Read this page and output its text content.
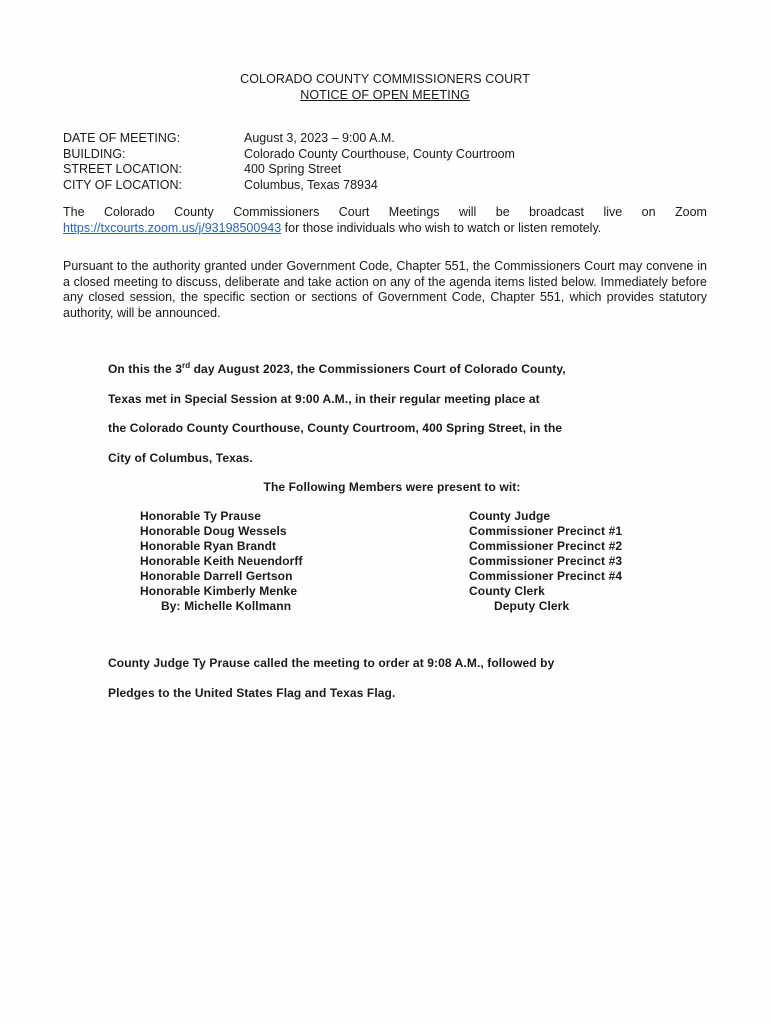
COLORADO COUNTY COMMISSIONERS COURT
NOTICE OF OPEN MEETING
DATE OF MEETING:	August 3, 2023 – 9:00 A.M.
BUILDING:	Colorado County Courthouse, County Courtroom
STREET LOCATION:	400 Spring Street
CITY OF LOCATION:	Columbus, Texas 78934
The Colorado County Commissioners Court Meetings will be broadcast live on Zoom
https://txcourts.zoom.us/j/93198500943 for those individuals who wish to watch or listen remotely.
Pursuant to the authority granted under Government Code, Chapter 551, the Commissioners Court may convene in a closed meeting to discuss, deliberate and take action on any of the agenda items listed below. Immediately before any closed session, the specific section or sections of Government Code, Chapter 551, which provides statutory authority, will be announced.
On this the 3rd day August 2023, the Commissioners Court of Colorado County,
Texas met in Special Session at 9:00 A.M., in their regular meeting place at
the Colorado County Courthouse, County Courtroom, 400 Spring Street, in the
City of Columbus, Texas.
The Following Members were present to wit:
Honorable Ty Prause	County Judge
Honorable Doug Wessels	Commissioner Precinct #1
Honorable Ryan Brandt	Commissioner Precinct #2
Honorable Keith Neuendorff	Commissioner Precinct #3
Honorable Darrell Gertson	Commissioner Precinct #4
Honorable Kimberly Menke	County Clerk
By: Michelle Kollmann	Deputy Clerk
County Judge Ty Prause called the meeting to order at 9:08 A.M., followed by
Pledges to the United States Flag and Texas Flag.
